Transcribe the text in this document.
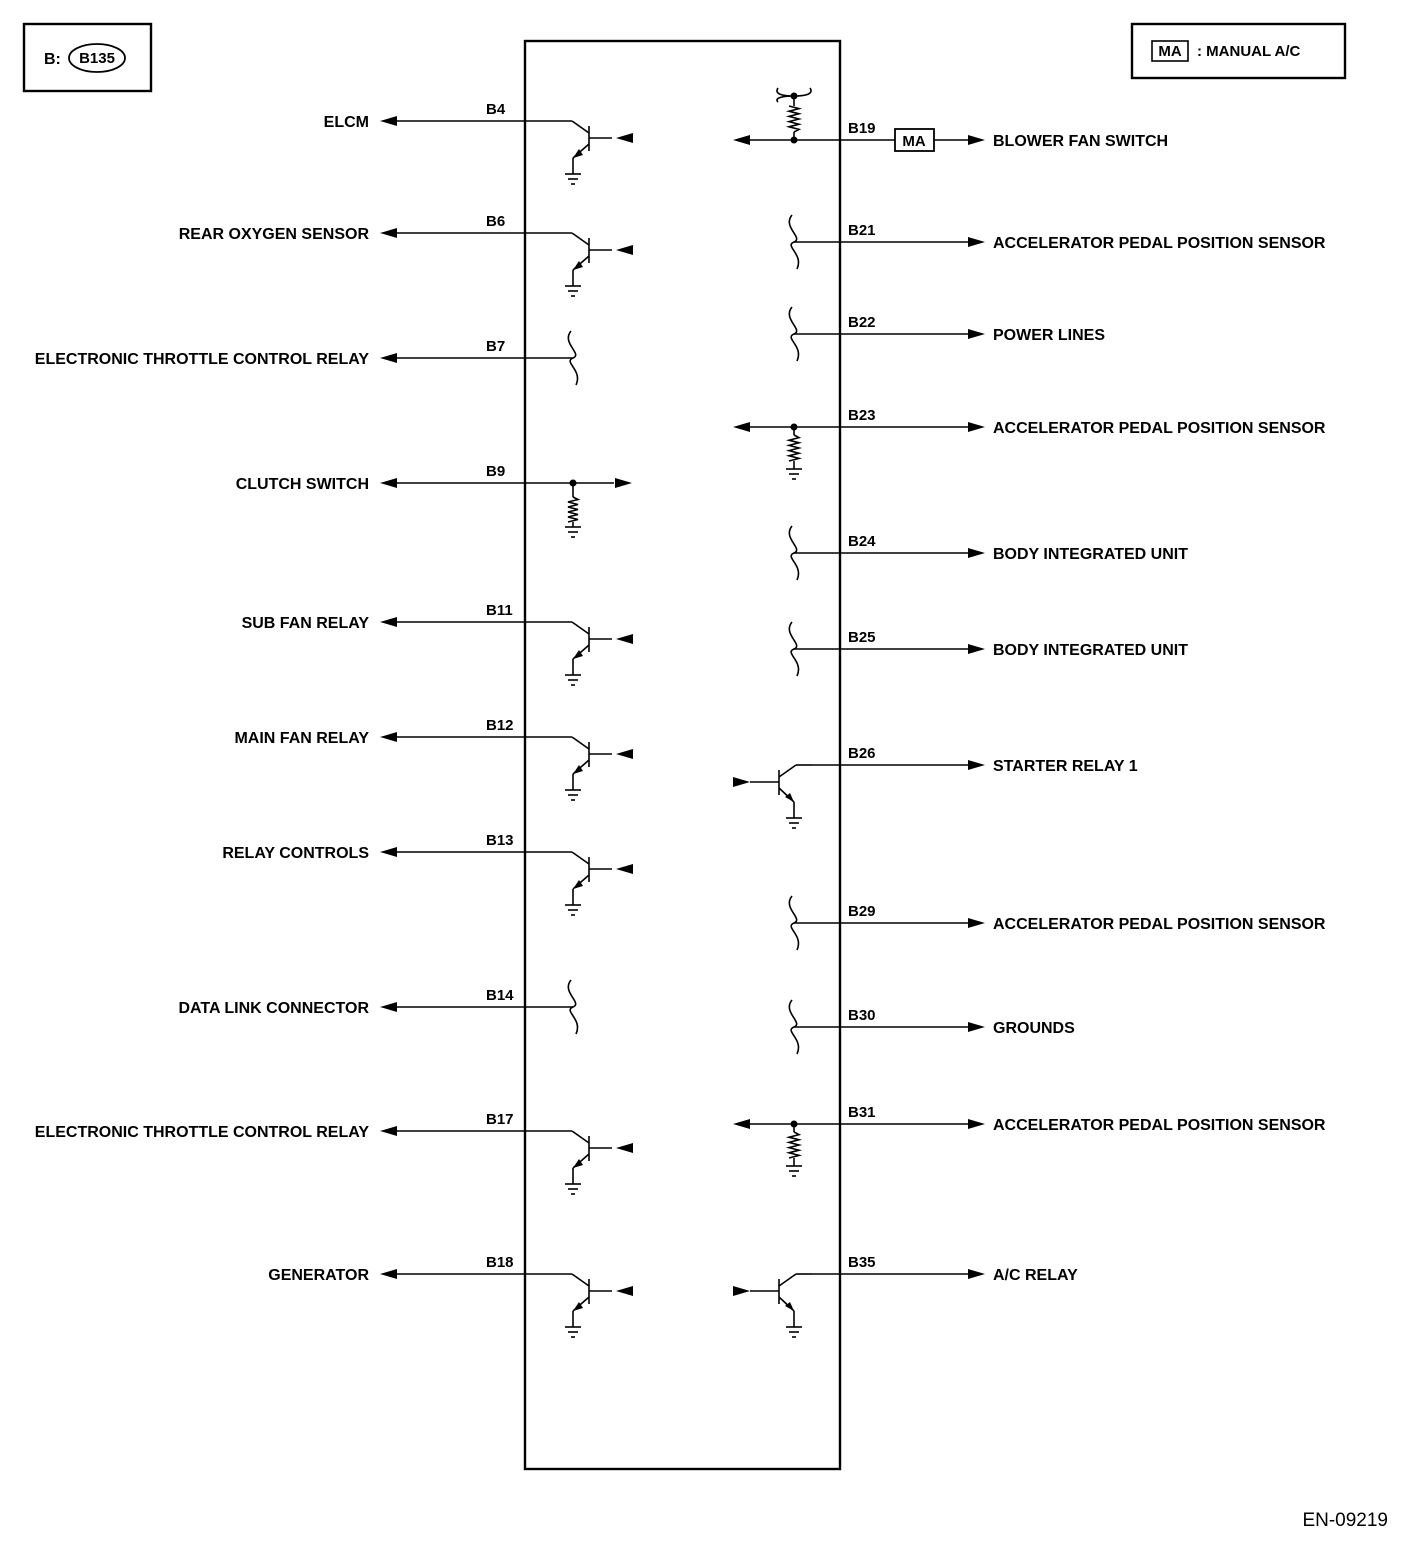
B: B135	MA : MANUAL A/C
ELCM
B4
REAR OXYGEN SENSOR
B6
ELECTRONIC THROTTLE CONTROL RELAY
B7
CLUTCH SWITCH
B9
SUB FAN RELAY
B11
MAIN FAN RELAY
B12
RELAY CONTROLS
B13
DATA LINK CONNECTOR
B14
ELECTRONIC THROTTLE CONTROL RELAY
B17
GENERATOR
B18
BLOWER FAN SWITCH
B19
MA
ACCELERATOR PEDAL POSITION SENSOR
B21
POWER LINES
B22
ACCELERATOR PEDAL POSITION SENSOR
B23
BODY INTEGRATED UNIT
B24
BODY INTEGRATED UNIT
B25
STARTER RELAY 1
B26
ACCELERATOR PEDAL POSITION SENSOR
B29
GROUNDS
B30
ACCELERATOR PEDAL POSITION SENSOR
B31
A/C RELAY
B35
EN-09219
